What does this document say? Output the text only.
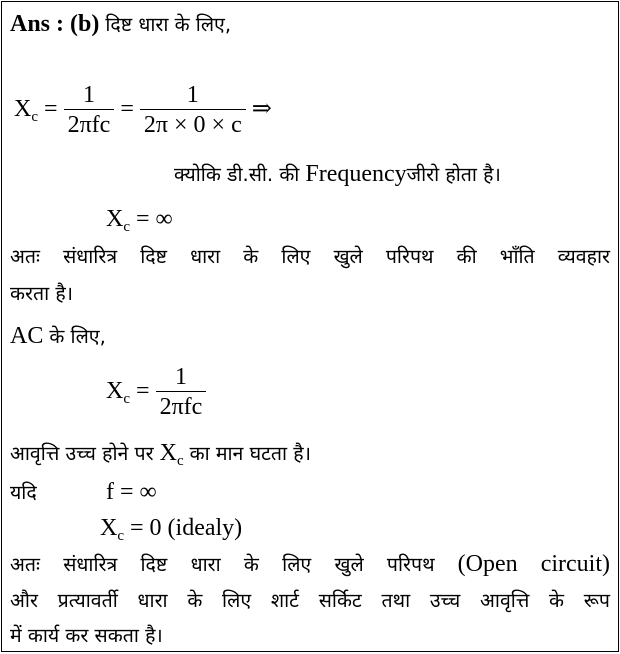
Ans : (b) दिष्ट धारा के लिए,
$X_c = \frac{1}{\text{2πfc}} = \frac{1}{2\pi \times 0 \times c}$ ⇒
क्योकि डी.सी. की Frequencyजीरो होता है।
$X_c$ = ∞
अतः संधारित्र दिष्ट धारा के लिए खुले परिपथ की भाँति व्यवहार
करता है।
AC के लिए,
$X_c = \frac{1}{\text{2πfc}}$
आवृत्ति उच्च होने पर $X_c$ का मान घटता है।
यदि	f = ∞
$X_c = 0$ (idealy)
अतः संधारित्र दिष्ट धारा के लिए खुले परिपथ (Open circuit)
और प्रत्यावर्ती धारा के लिए शार्ट सर्किट तथा उच्च आवृत्ति के रूप
में कार्य कर सकता है।
